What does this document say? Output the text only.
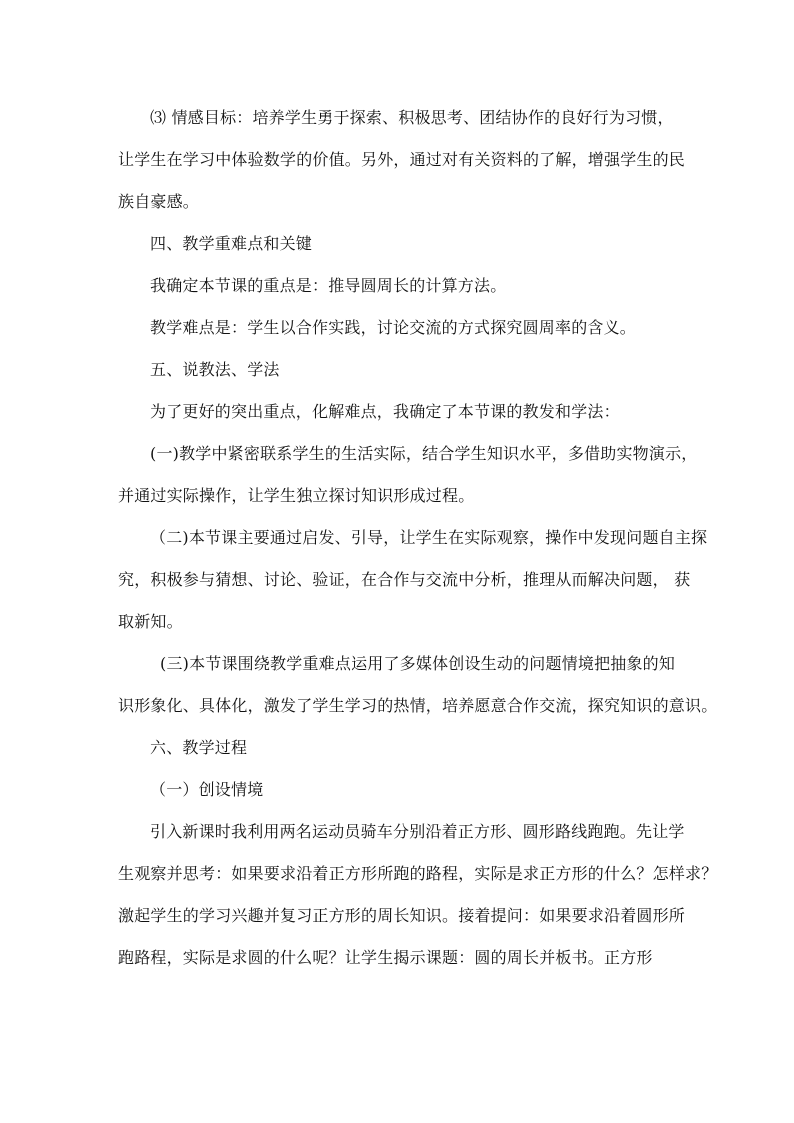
⑶ 情感目标：培养学生勇于探索、积极思考、团结协作的良好行为习惯，
让学生在学习中体验数学的价值。另外，通过对有关资料的了解，增强学生的民
族自豪感。
四、教学重难点和关键
我确定本节课的重点是：推导圆周长的计算方法。
教学难点是：学生以合作实践，讨论交流的方式探究圆周率的含义。
五、说教法、学法
为了更好的突出重点，化解难点，我确定了本节课的教发和学法：
(一)教学中紧密联系学生的生活实际，结合学生知识水平，多借助实物演示，
并通过实际操作，让学生独立探讨知识形成过程。
（二)本节课主要通过启发、引导，让学生在实际观察，操作中发现问题自主探
究，积极参与猜想、讨论、验证，在合作与交流中分析，推理从而解决问题， 获
取新知。
(三)本节课围绕教学重难点运用了多媒体创设生动的问题情境把抽象的知
识形象化、具体化，激发了学生学习的热情，培养愿意合作交流，探究知识的意识。
六、教学过程
（一）创设情境
引入新课时我利用两名运动员骑车分别沿着正方形、圆形路线跑跑。先让学
生观察并思考：如果要求沿着正方形所跑的路程，实际是求正方形的什么？怎样求？
激起学生的学习兴趣并复习正方形的周长知识。接着提问：如果要求沿着圆形所
跑路程，实际是求圆的什么呢？让学生揭示课题：圆的周长并板书。正方形
